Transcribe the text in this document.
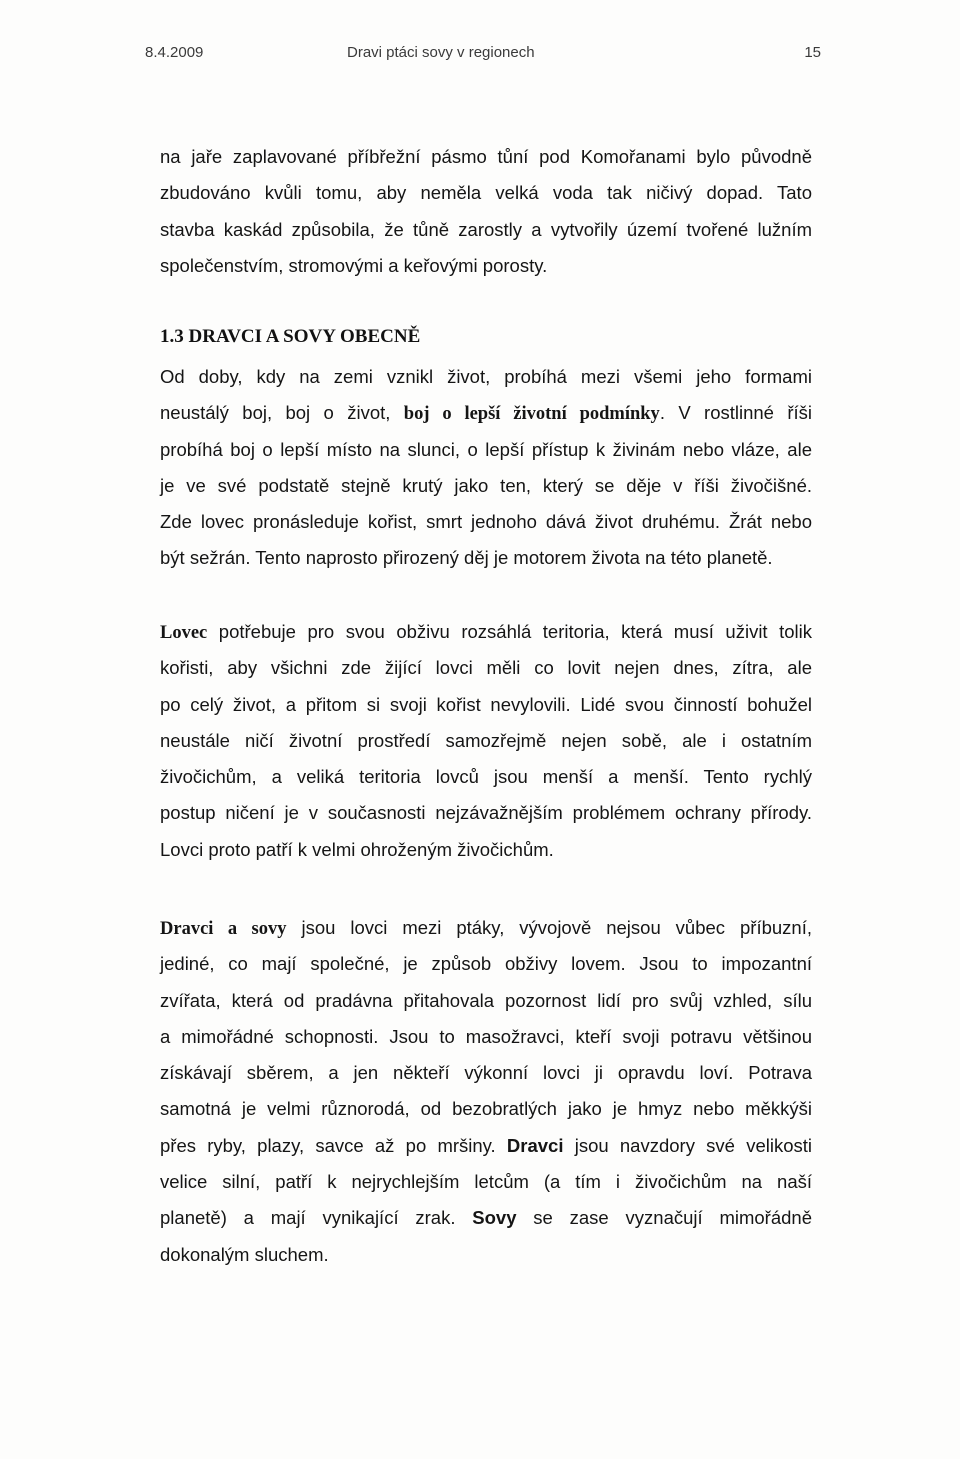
8.4.2009	Dravi ptáci sovy v regionech	15
na jaře zaplavované příbřežní pásmo tůní pod Komořanami bylo původně
zbudováno kvůli tomu, aby neměla velká voda tak ničivý dopad. Tato
stavba kaskád způsobila, že tůně zarostly a vytvořily území tvořené lužním
společenstvím, stromovými a keřovými porosty.
1.3 DRAVCI A SOVY OBECNĚ
Od doby, kdy na zemi vznikl život, probíhá mezi všemi jeho formami
neustálý boj, boj o život, boj o lepší životní podmínky. V rostlinné říši
probíhá boj o lepší místo na slunci, o lepší přístup k živinám nebo vláze, ale
je ve své podstatě stejně krutý jako ten, který se děje v říši živočišné.
Zde lovec pronásleduje kořist, smrt jednoho dává život druhému. Žrát nebo
být sežrán. Tento naprosto přirozený děj je motorem života na této planetě.
Lovec potřebuje pro svou obživu rozsáhlá teritoria, která musí uživit tolik
kořisti, aby všichni zde žijící lovci měli co lovit nejen dnes, zítra, ale
po celý život, a přitom si svoji kořist nevylovili. Lidé svou činností bohužel
neustále ničí životní prostředí samozřejmě nejen sobě, ale i ostatním
živočichům, a veliká teritoria lovců jsou menší a menší. Tento rychlý
postup ničení je v současnosti nejzávažnějším problémem ochrany přírody.
Lovci proto patří k velmi ohroženým živočichům.
Dravci a sovy jsou lovci mezi ptáky, vývojově nejsou vůbec příbuzní,
jediné, co mají společné, je způsob obživy lovem. Jsou to impozantní
zvířata, která od pradávna přitahovala pozornost lidí pro svůj vzhled, sílu
a mimořádné schopnosti. Jsou to masožravci, kteří svoji potravu většinou
získávají sběrem, a jen někteří výkonní lovci ji opravdu loví. Potrava
samotná je velmi různorodá, od bezobratlých jako je hmyz nebo měkkýši
přes ryby, plazy, savce až po mršiny. Dravci jsou navzdory své velikosti
velice silní, patří k nejrychlejším letcům (a tím i živočichům na naší
planetě) a mají vynikající zrak. Sovy se zase vyznačují mimořádně
dokonalým sluchem.
